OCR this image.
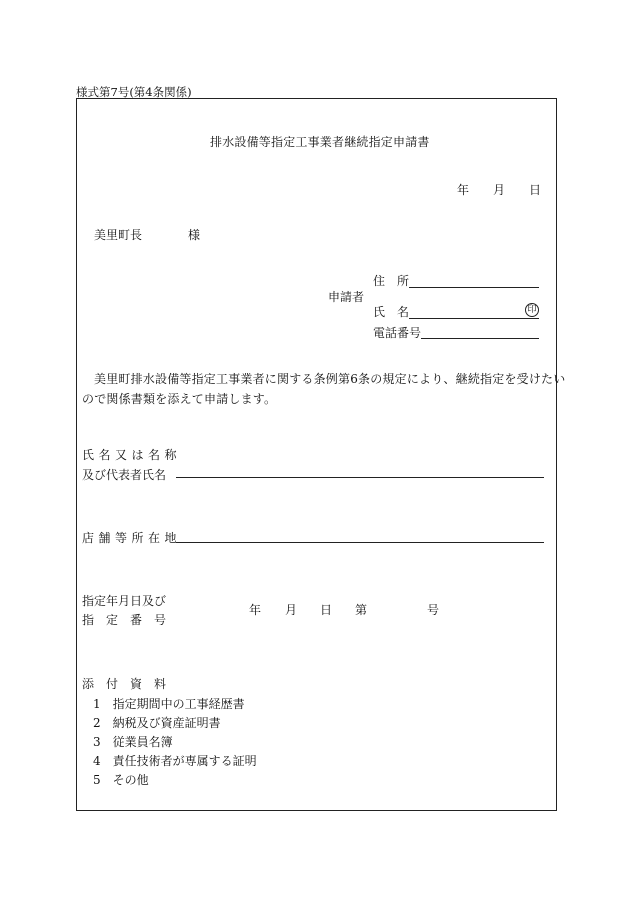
様式第7号(第4条関係)
排水設備等指定工事業者継続指定申請書
年 月 日
美里町長	様
申請者
住　所
氏　名	印
電話番号
美里町排水設備等指定工事業者に関する条例第6条の規定により、継続指定を受けたい
ので関係書類を添えて申請します。
氏名又は名称
及び代表者氏名
店舗等所在地
指定年月日及び
指　定　番　号
年 月 日 第	号
添　付　資　料
1　 指定期間中の工事経歴書
2　 納税及び資産証明書
3　 従業員名簿
4　 責任技術者が専属する証明
5　 その他
